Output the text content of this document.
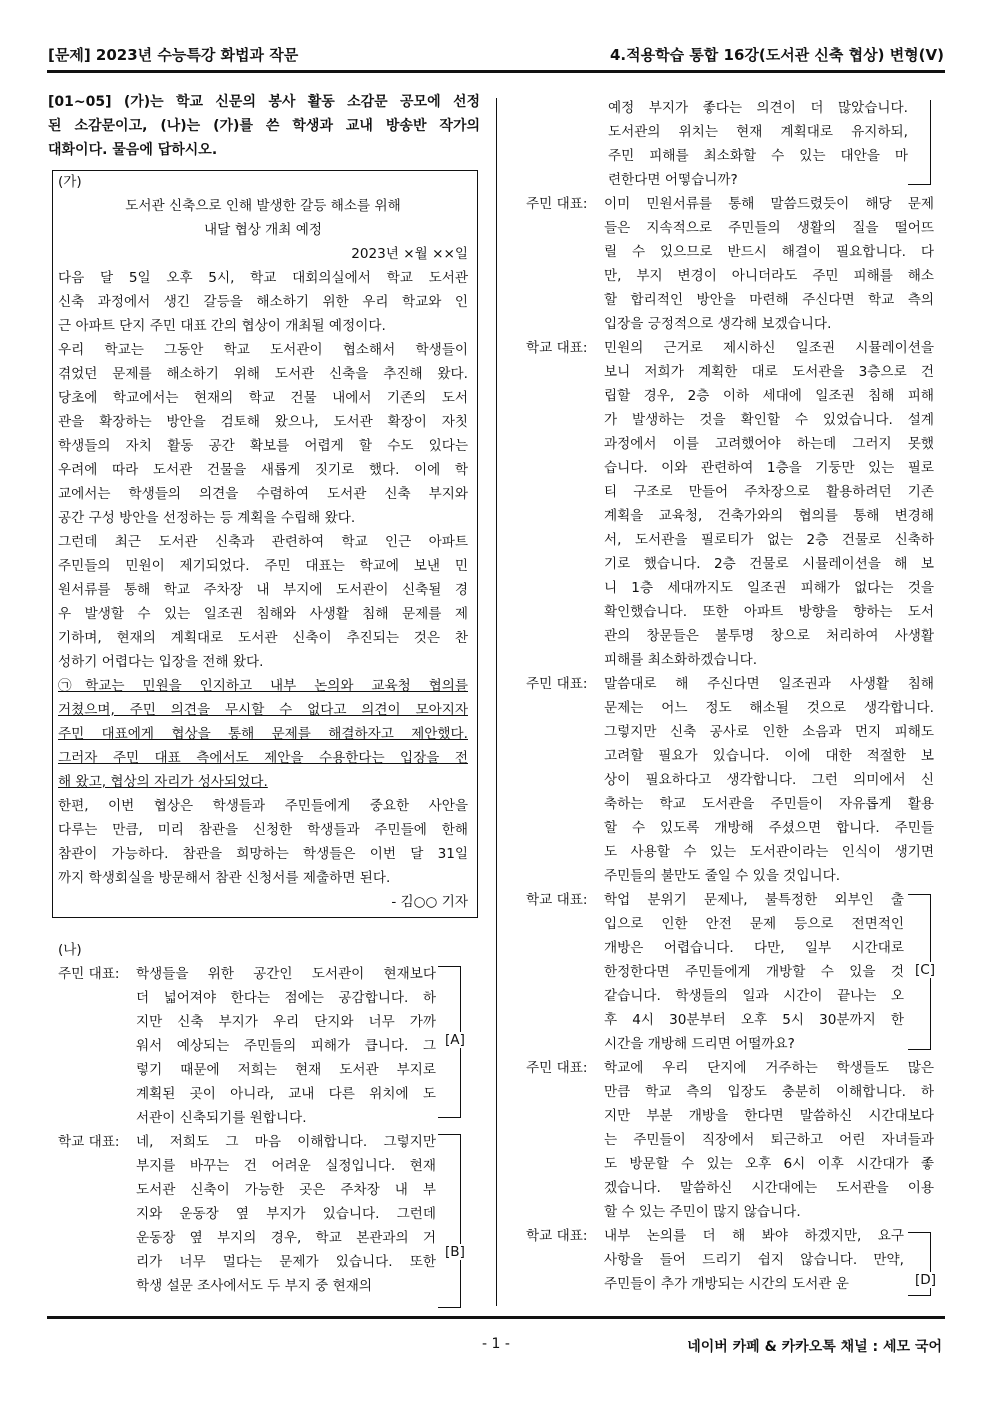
[문제] 2023년 수능특강 화법과 작문	4.적용학습 통합 16강(도서관 신축 협상) 변형(V)
[01~05] (가)는 학교 신문의 봉사 활동 소감문 공모에 선정
된 소감문이고, (나)는 (가)를 쓴 학생과 교내 방송반 작가의
대화이다. 물음에 답하시오.
(가)
도서관 신축으로 인해 발생한 갈등 해소를 위해
내달 협상 개최 예정
2023년 ×월 ××일
다음 달 5일 오후 5시, 학교 대회의실에서 학교 도서관
신축 과정에서 생긴 갈등을 해소하기 위한 우리 학교와 인
근 아파트 단지 주민 대표 간의 협상이 개최될 예정이다.
우리 학교는 그동안 학교 도서관이 협소해서 학생들이
겪었던 문제를 해소하기 위해 도서관 신축을 추진해 왔다.
당초에 학교에서는 현재의 학교 건물 내에서 기존의 도서
관을 확장하는 방안을 검토해 왔으나, 도서관 확장이 자칫
학생들의 자치 활동 공간 확보를 어렵게 할 수도 있다는
우려에 따라 도서관 건물을 새롭게 짓기로 했다. 이에 학
교에서는 학생들의 의견을 수렴하여 도서관 신축 부지와
공간 구성 방안을 선정하는 등 계획을 수립해 왔다.
그런데 최근 도서관 신축과 관련하여 학교 인근 아파트
주민들의 민원이 제기되었다. 주민 대표는 학교에 보낸 민
원서류를 통해 학교 주차장 내 부지에 도서관이 신축될 경
우 발생할 수 있는 일조권 침해와 사생활 침해 문제를 제
기하며, 현재의 계획대로 도서관 신축이 추진되는 것은 찬
성하기 어렵다는 입장을 전해 왔다.
㉠학교는 민원을 인지하고 내부 논의와 교육청 협의를
거쳤으며, 주민 의견을 무시할 수 없다고 의견이 모아지자
주민 대표에게 협상을 통해 문제를 해결하자고 제안했다.
그러자 주민 대표 측에서도 제안을 수용한다는 입장을 전
해 왔고, 협상의 자리가 성사되었다.
한편, 이번 협상은 학생들과 주민들에게 중요한 사안을
다루는 만큼, 미리 참관을 신청한 학생들과 주민들에 한해
참관이 가능하다. 참관을 희망하는 학생들은 이번 달 31일
까지 학생회실을 방문해서 참관 신청서를 제출하면 된다.
- 김○○ 기자
(나)
주민 대표: 학생들을 위한 공간인 도서관이 현재보다
더 넓어져야 한다는 점에는 공감합니다. 하
지만 신축 부지가 우리 단지와 너무 가까
워서 예상되는 주민들의 피해가 큽니다. 그
렇기 때문에 저희는 현재 도서관 부지로
계획된 곳이 아니라, 교내 다른 위치에 도
서관이 신축되기를 원합니다.
학교 대표: 네, 저희도 그 마음 이해합니다. 그렇지만
부지를 바꾸는 건 어려운 실정입니다. 현재
도서관 신축이 가능한 곳은 주차장 내 부
지와 운동장 옆 부지가 있습니다. 그런데
운동장 옆 부지의 경우, 학교 본관과의 거
리가 너무 멀다는 문제가 있습니다. 또한
학생 설문 조사에서도 두 부지 중 현재의
예정 부지가 좋다는 의견이 더 많았습니다.
도서관의 위치는 현재 계획대로 유지하되,
주민 피해를 최소화할 수 있는 대안을 마
련한다면 어떻습니까?
주민 대표: 이미 민원서류를 통해 말씀드렸듯이 해당 문제
들은 지속적으로 주민들의 생활의 질을 떨어뜨
릴 수 있으므로 반드시 해결이 필요합니다. 다
만, 부지 변경이 아니더라도 주민 피해를 해소
할 합리적인 방안을 마련해 주신다면 학교 측의
입장을 긍정적으로 생각해 보겠습니다.
학교 대표: 민원의 근거로 제시하신 일조권 시뮬레이션을
보니 저희가 계획한 대로 도서관을 3층으로 건
립할 경우, 2층 이하 세대에 일조권 침해 피해
가 발생하는 것을 확인할 수 있었습니다. 설계
과정에서 이를 고려했어야 하는데 그러지 못했
습니다. 이와 관련하여 1층을 기둥만 있는 필로
티 구조로 만들어 주차장으로 활용하려던 기존
계획을 교육청, 건축가와의 협의를 통해 변경해
서, 도서관을 필로티가 없는 2층 건물로 신축하
기로 했습니다. 2층 건물로 시뮬레이션을 해 보
니 1층 세대까지도 일조권 피해가 없다는 것을
확인했습니다. 또한 아파트 방향을 향하는 도서
관의 창문들은 불투명 창으로 처리하여 사생활
피해를 최소화하겠습니다.
주민 대표: 말씀대로 해 주신다면 일조권과 사생활 침해
문제는 어느 정도 해소될 것으로 생각합니다.
그렇지만 신축 공사로 인한 소음과 먼지 피해도
고려할 필요가 있습니다. 이에 대한 적절한 보
상이 필요하다고 생각합니다. 그런 의미에서 신
축하는 학교 도서관을 주민들이 자유롭게 활용
할 수 있도록 개방해 주셨으면 합니다. 주민들
도 사용할 수 있는 도서관이라는 인식이 생기면
주민들의 불만도 줄일 수 있을 것입니다.
학교 대표: 학업 분위기 문제나, 불특정한 외부인 출
입으로 인한 안전 문제 등으로 전면적인
개방은 어렵습니다. 다만, 일부 시간대로
한정한다면 주민들에게 개방할 수 있을 것
같습니다. 학생들의 일과 시간이 끝나는 오
후 4시 30분부터 오후 5시 30분까지 한
시간을 개방해 드리면 어떨까요?
주민 대표: 학교에 우리 단지에 거주하는 학생들도 많은
만큼 학교 측의 입장도 충분히 이해합니다. 하
지만 부분 개방을 한다면 말씀하신 시간대보다
는 주민들이 직장에서 퇴근하고 어린 자녀들과
도 방문할 수 있는 오후 6시 이후 시간대가 좋
겠습니다. 말씀하신 시간대에는 도서관을 이용
할 수 있는 주민이 많지 않습니다.
학교 대표: 내부 논의를 더 해 봐야 하겠지만, 요구
사항을 들어 드리기 쉽지 않습니다. 만약,
주민들이 추가 개방되는 시간의 도서관 운
- 1 -	네이버 카페 & 카카오톡 채널 : 세모 국어
[A]
[B]
[C]
[D]
